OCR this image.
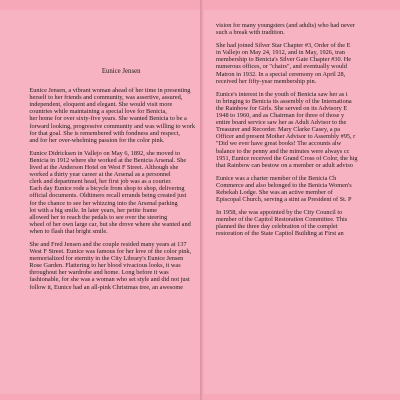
Eunice Jensen
Eunice Jensen, a vibrant woman ahead of her time in presenting
herself to her friends and community, was assertive, assured,
independent, eloquent and elegant. She would visit more
countries while maintaining a special love for Benicia,
her home for over sixty-five years. She wanted Benicia to be a
forward looking, progressive community and was willing to work
for that goal. She is remembered with fondness and respect,
and for her over-whelming passion for the color pink.
Eunice Didricksen in Vallejo on May 6, 1892, she moved to
Benicia in 1912 where she worked at the Benicia Arsenal. She
lived at the Anderson Hotel on West F Street. Although she
worked a thirty year career at the Arsenal as a personnel
clerk and department head, her first job was as a courier.
Each day Eunice rode a bicycle from shop to shop, delivering
official documents. Oldtimers recall errands being created just
for the chance to see her whizzing into the Arsenal parking
lot with a big smile. In later years, her petite frame
allowed her to reach the pedals to see over the steering
wheel of her own large car, but she drove where she wanted and
when to flash that bright smile.
She and Fred Jensen and the couple resided many years at 137
West F Street. Eunice was famous for her love of the color pink,
memorialized for eternity in the City Library's Eunice Jensen
Rose Garden. Flattering to her blood vivacious looks, it was
throughout her wardrobe and home. Long before it was
fashionable, for she was a woman who set style and did not just
follow it, Eunice had an all-pink Christmas tree, an awesome
vision for many youngsters (and adults) who had never
such a break with tradition.
She had joined Silver Star Chapter #3, Order of the E
in Vallejo on May 24, 1912, and in May, 1926, tran
membership to Benicia's Silver Gate Chapter #30. He
numerous offices, or "chairs", and eventually would
Matron in 1932. In a special ceremony on April 28,
received her fifty-year membership pin.
Eunice's interest in the youth of Benicia saw her as i
in bringing to Benicia its assembly of the Internationa
the Rainbow for Girls. She served on its Advisory E
1948 to 1960, and as Chairman for three of those y
entire board service saw her as Adult Advisor to the
Treasurer and Recorder. Mary Clarke Casey, a pa
Officer and present Mother Advisor to Assembly #95, r
"Did we ever have great books! The accounts alw
balance to the penny and the minutes were always cc
1951, Eunice received the Grand Cross of Color, the hig
that Rainbow can bestow on a member or adult adviso
Eunice was a charter member of the Benicia Ch
Commerce and also belonged to the Benicia Women's
Rebekah Lodge. She was an active member of
Episcopal Church, serving a stint as President of St. P
In 1958, she was appointed by the City Council to
member of the Capitol Restoration Committee. This
planned the three day celebration of the complet
restoration of the State Capitol Building at First an
